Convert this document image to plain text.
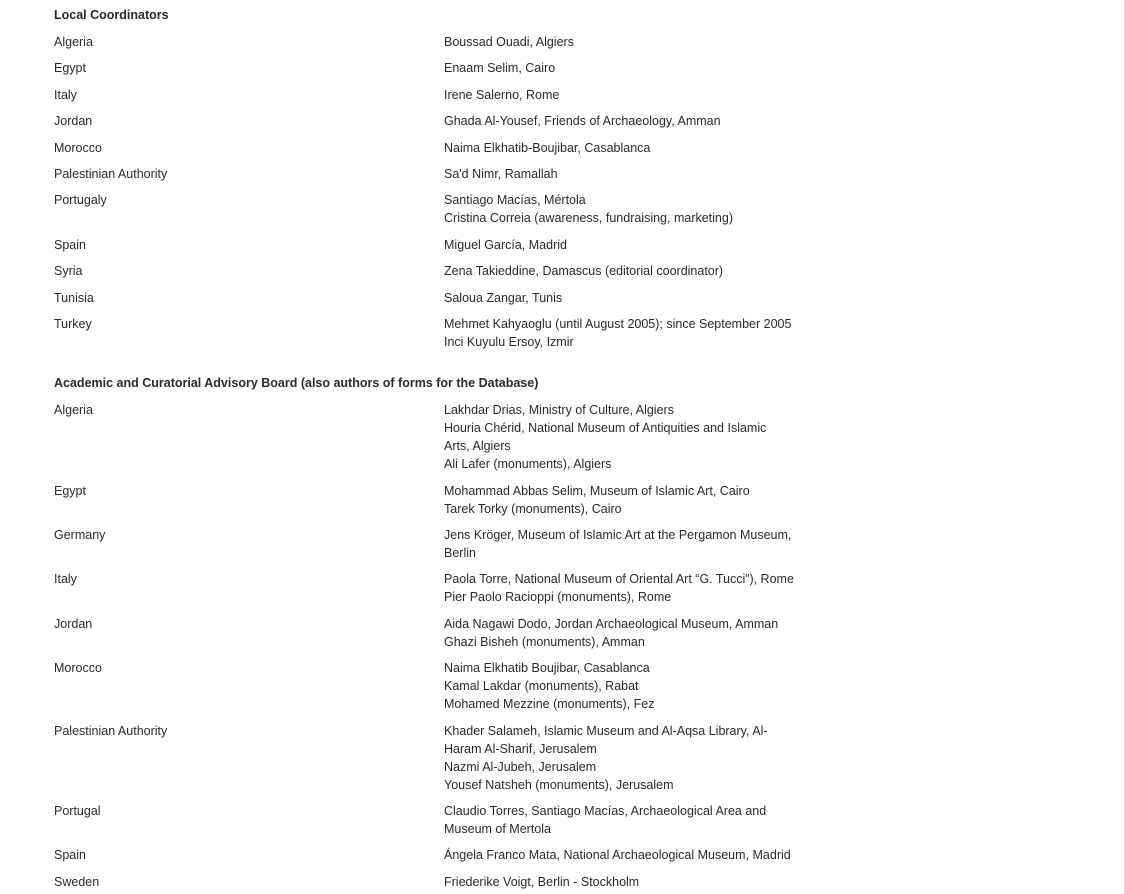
Local Coordinators

Algeria	Boussad Ouadi, Algiers
Egypt	Enaam Selim, Cairo
Italy	Irene Salerno, Rome
Jordan	Ghada Al-Yousef, Friends of Archaeology, Amman
Morocco	Naima Elkhatib-Boujibar, Casablanca
Palestinian Authority	Sa'd Nimr, Ramallah
Portugaly	Santiago Macías, Mértola
Cristina Correia (awareness, fundraising, marketing)
Spain	Miguel García, Madrid
Syria	Zena Takieddine, Damascus (editorial coordinator)
Tunisia	Saloua Zangar, Tunis
Turkey	Mehmet Kahyaoglu (until August 2005); since September 2005
Inci Kuyulu Ersoy, Izmir

Academic and Curatorial Advisory Board (also authors of forms for the Database)

Algeria	Lakhdar Drias, Ministry of Culture, Algiers
Houria Chérid, National Museum of Antiquities and Islamic
Arts, Algiers
Ali Lafer (monuments), Algiers
Egypt	Mohammad Abbas Selim, Museum of Islamic Art, Cairo
Tarek Torky (monuments), Cairo
Germany	Jens Kröger, Museum of Islamic Art at the Pergamon Museum,
Berlin
Italy	Paola Torre, National Museum of Oriental Art “G. Tucci”), Rome
Pier Paolo Racioppi (monuments), Rome
Jordan	Aida Nagawi Dodo, Jordan Archaeological Museum, Amman
Ghazi Bisheh (monuments), Amman
Morocco	Naima Elkhatib Boujibar, Casablanca
Kamal Lakdar (monuments), Rabat
Mohamed Mezzine (monuments), Fez
Palestinian Authority	Khader Salameh, Islamic Museum and Al-Aqsa Library, Al-
Haram Al-Sharif, Jerusalem
Nazmi Al-Jubeh, Jerusalem
Yousef Natsheh (monuments), Jerusalem
Portugal	Claudio Torres, Santiago Macías, Archaeological Area and
Museum of Mertola
Spain	Ángela Franco Mata, National Archaeological Museum, Madrid
Sweden	Friederike Voigt, Berlin - Stockholm
